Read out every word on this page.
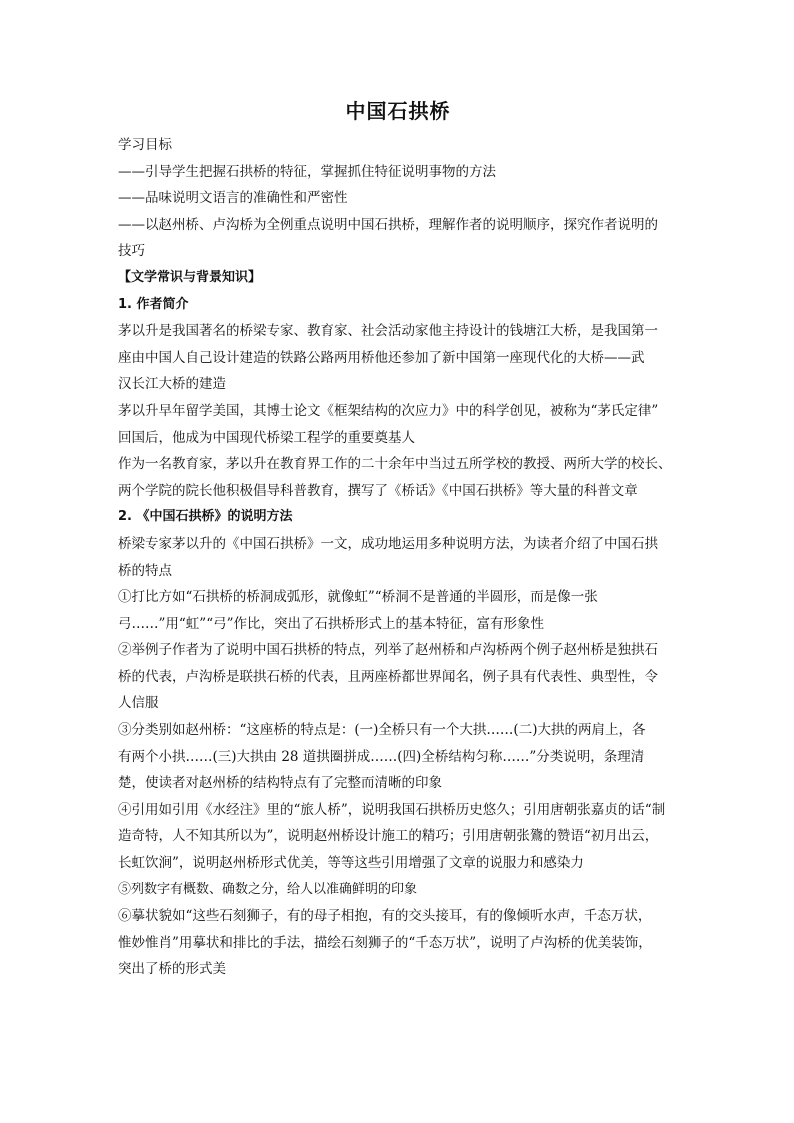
中国石拱桥

学习目标

——引导学生把握石拱桥的特征，掌握抓住特征说明事物的方法

——品味说明文语言的准确性和严密性

——以赵州桥、卢沟桥为全例重点说明中国石拱桥，理解作者的说明顺序，探究作者说明的

技巧

【文学常识与背景知识】

1. 作者简介

茅以升是我国著名的桥梁专家、教育家、社会活动家他主持设计的钱塘江大桥，是我国第一

座由中国人自己设计建造的铁路公路两用桥他还参加了新中国第一座现代化的大桥——武

汉长江大桥的建造

茅以升早年留学美国，其博士论文《框架结构的次应力》中的科学创见，被称为“茅氏定律”

回国后，他成为中国现代桥梁工程学的重要奠基人

作为一名教育家，茅以升在教育界工作的二十余年中当过五所学校的教授、两所大学的校长、

两个学院的院长他积极倡导科普教育，撰写了《桥话》《中国石拱桥》等大量的科普文章

2. 《中国石拱桥》的说明方法

桥梁专家茅以升的《中国石拱桥》一文，成功地运用多种说明方法，为读者介绍了中国石拱

桥的特点

①打比方如“石拱桥的桥洞成弧形，就像虹”“桥洞不是普通的半圆形，而是像一张

弓……”用“虹”“弓”作比，突出了石拱桥形式上的基本特征，富有形象性

②举例子作者为了说明中国石拱桥的特点，列举了赵州桥和卢沟桥两个例子赵州桥是独拱石

桥的代表，卢沟桥是联拱石桥的代表，且两座桥都世界闻名，例子具有代表性、典型性，令

人信服

③分类别如赵州桥：“这座桥的特点是：(一)全桥只有一个大拱……(二)大拱的两肩上，各

有两个小拱……(三)大拱由 28 道拱圈拼成……(四)全桥结构匀称……”分类说明，条理清

楚，使读者对赵州桥的结构特点有了完整而清晰的印象

④引用如引用《水经注》里的“旅人桥”，说明我国石拱桥历史悠久；引用唐朝张嘉贞的话“制

造奇特，人不知其所以为”，说明赵州桥设计施工的精巧；引用唐朝张鷟的赞语“初月出云，

长虹饮涧”，说明赵州桥形式优美，等等这些引用增强了文章的说服力和感染力

⑤列数字有概数、确数之分，给人以准确鲜明的印象

⑥摹状貌如“这些石刻狮子，有的母子相抱，有的交头接耳，有的像倾听水声，千态万状，

惟妙惟肖”用摹状和排比的手法，描绘石刻狮子的“千态万状”，说明了卢沟桥的优美装饰，

突出了桥的形式美
